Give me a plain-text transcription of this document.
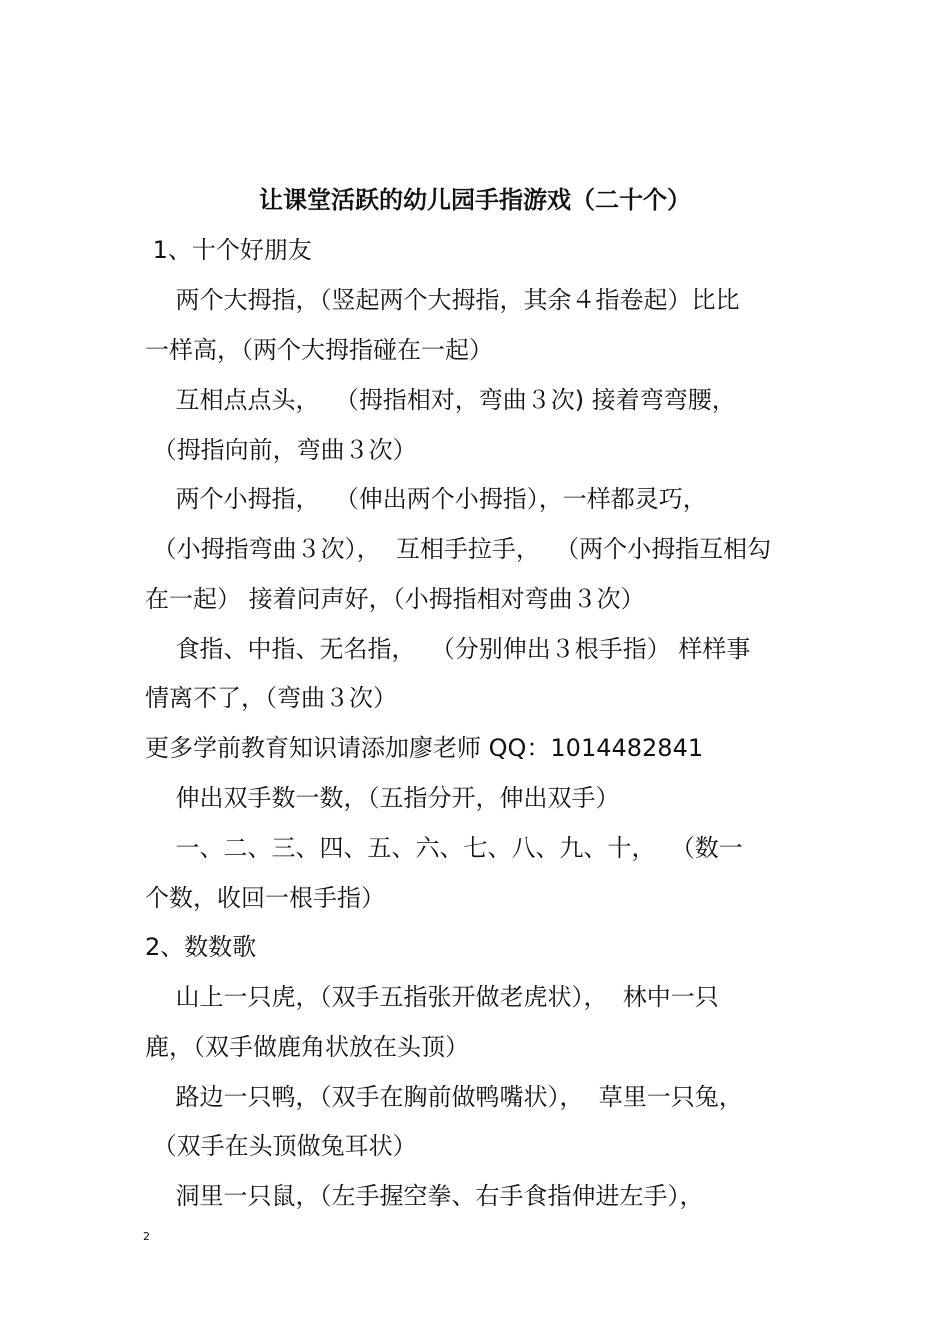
让课堂活跃的幼儿园手指游戏（二十个）
1、十个好朋友
两个大拇指，（竖起两个大拇指，其余４指卷起）比比
一样高，（两个大拇指碰在一起）
互相点点头，  （拇指相对，弯曲３次) 接着弯弯腰，
（拇指向前，弯曲３次）
两个小拇指，  （伸出两个小拇指），一样都灵巧，
（小拇指弯曲３次），  互相手拉手，  （两个小拇指互相勾
在一起） 接着问声好，（小拇指相对弯曲３次）
食指、中指、无名指，  （分别伸出３根手指） 样样事
情离不了，（弯曲３次）
更多学前教育知识请添加廖老师 QQ：1014482841
伸出双手数一数，（五指分开，伸出双手）
一、二、三、四、五、六、七、八、九、十，  （数一
个数，收回一根手指）
2、数数歌
山上一只虎，（双手五指张开做老虎状），  林中一只
鹿，（双手做鹿角状放在头顶）
路边一只鸭，（双手在胸前做鸭嘴状），  草里一只兔，
（双手在头顶做兔耳状）
洞里一只鼠，（左手握空拳、右手食指伸进左手），
2
